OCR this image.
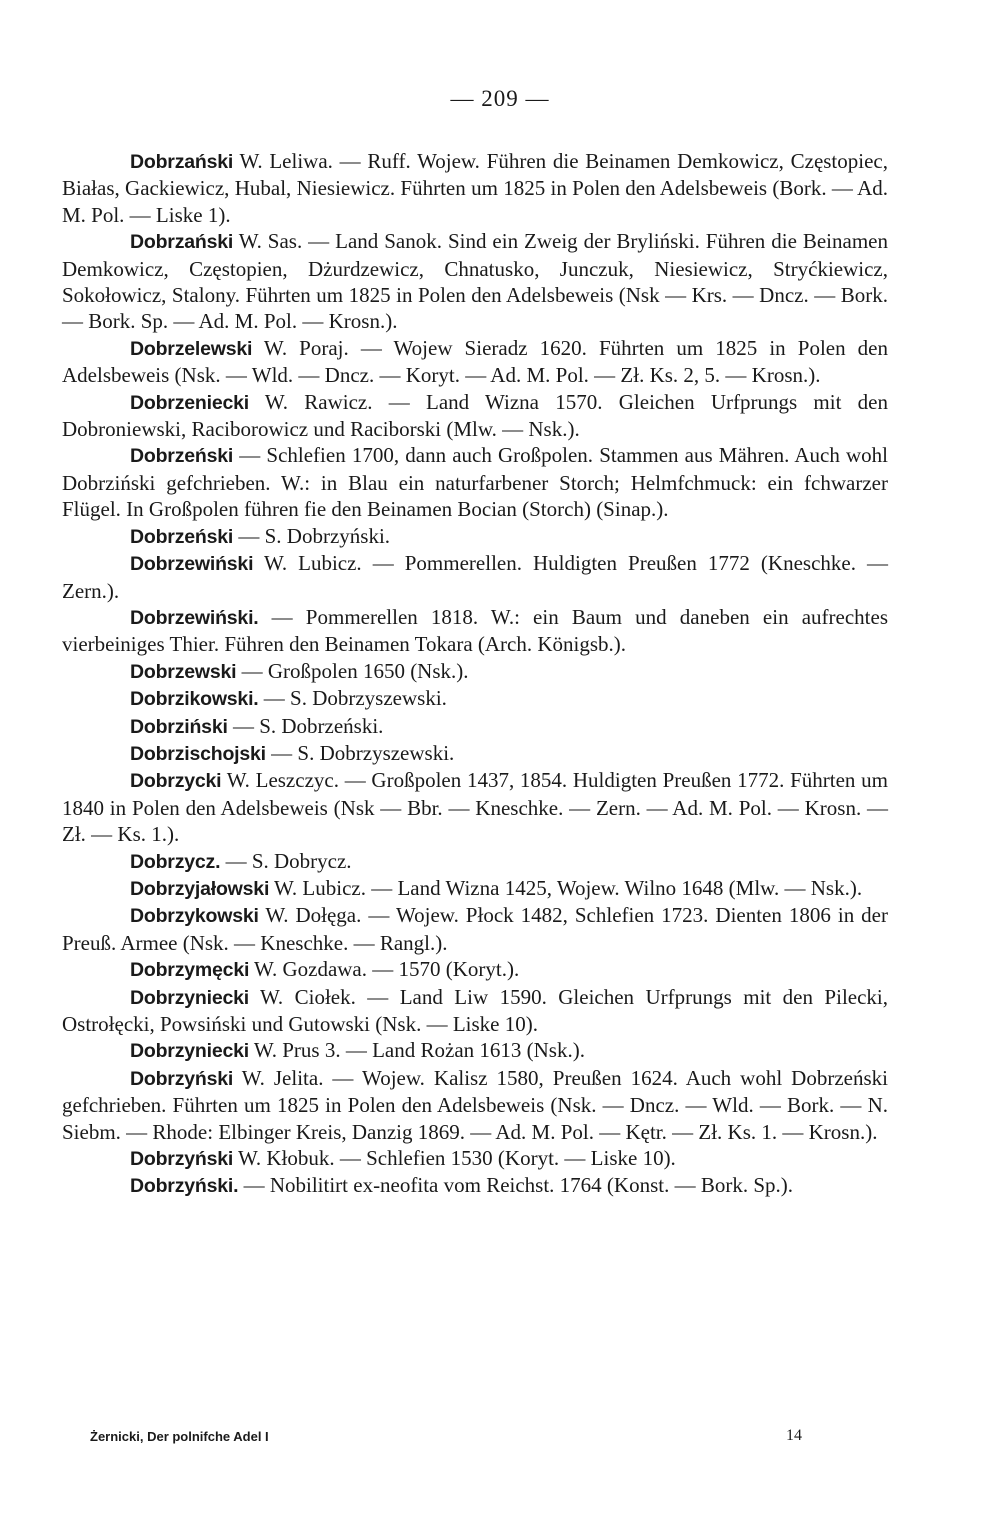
— 209 —

Dobrzański W. Leliwa. — Ruff. Wojew. Führen die Beinamen Demkowicz, Częstopiec, Białas, Gackiewicz, Hubal, Niesiewicz. Führten um 1825 in Polen den Adelsbeweis (Bork. — Ad. M. Pol. — Liske 1).

Dobrzański W. Sas. — Land Sanok. Sind ein Zweig der Bryliński. Führen die Beinamen Demkowicz, Częstopien, Dżurdzewicz, Chnatusko, Junczuk, Niesiewicz, Stryćkiewicz, Sokołowicz, Stalony. Führten um 1825 in Polen den Adelsbeweis (Nsk — Krs. — Dncz. — Bork. — Bork. Sp. — Ad. M. Pol. — Krosn.).

Dobrzelewski W. Poraj. — Wojew Sieradz 1620. Führten um 1825 in Polen den Adelsbeweis (Nsk. — Wld. — Dncz. — Koryt. — Ad. M. Pol. — Zł. Ks. 2, 5. — Krosn.).

Dobrzeniecki W. Rawicz. — Land Wizna 1570. Gleichen Urfprungs mit den Dobroniewski, Raciborowicz und Raciborski (Mlw. — Nsk.).

Dobrzeński — Schlefien 1700, dann auch Großpolen. Stammen aus Mähren. Auch wohl Dobrziński gefchrieben. W.: in Blau ein naturfarbener Storch; Helmfchmuck: ein fchwarzer Flügel. In Großpolen führen fie den Beinamen Bocian (Storch) (Sinap.).

Dobrzeński — S. Dobrzyński.

Dobrzewiński W. Lubicz. — Pommerellen. Huldigten Preußen 1772 (Kneschke. — Zern.).

Dobrzewiński. — Pommerellen 1818. W.: ein Baum und daneben ein aufrechtes vierbeiniges Thier. Führen den Beinamen Tokara (Arch. Königsb.).

Dobrzewski — Großpolen 1650 (Nsk.).

Dobrzikowski. — S. Dobrzyszewski.

Dobrziński — S. Dobrzeński.

Dobrzischojski — S. Dobrzyszewski.

Dobrzycki W. Leszczyc. — Großpolen 1437, 1854. Huldigten Preußen 1772. Führten um 1840 in Polen den Adelsbeweis (Nsk — Bbr. — Kneschke. — Zern. — Ad. M. Pol. — Krosn. — Zł. — Ks. 1.).

Dobrzycz. — S. Dobrycz.

Dobrzyjałowski W. Lubicz. — Land Wizna 1425, Wojew. Wilno 1648 (Mlw. — Nsk.).

Dobrzykowski W. Dołęga. — Wojew. Płock 1482, Schlefien 1723. Dienten 1806 in der Preuß. Armee (Nsk. — Kneschke. — Rangl.).

Dobrzymęcki W. Gozdawa. — 1570 (Koryt.).

Dobrzyniecki W. Ciołek. — Land Liw 1590. Gleichen Urfprungs mit den Pilecki, Ostrołęcki, Powsiński und Gutowski (Nsk. — Liske 10).

Dobrzyniecki W. Prus 3. — Land Rożan 1613 (Nsk.).

Dobrzyński W. Jelita. — Wojew. Kalisz 1580, Preußen 1624. Auch wohl Dobrzeński gefchrieben. Führten um 1825 in Polen den Adelsbeweis (Nsk. — Dncz. — Wld. — Bork. — N. Siebm. — Rhode: Elbinger Kreis, Danzig 1869. — Ad. M. Pol. — Kętr. — Zł. Ks. 1. — Krosn.).

Dobrzyński W. Kłobuk. — Schlefien 1530 (Koryt. — Liske 10).

Dobrzyński. — Nobilitirt ex-neofita vom Reichst. 1764 (Konst. — Bork. Sp.).

Żernicki, Der polnifche Adel I	14
